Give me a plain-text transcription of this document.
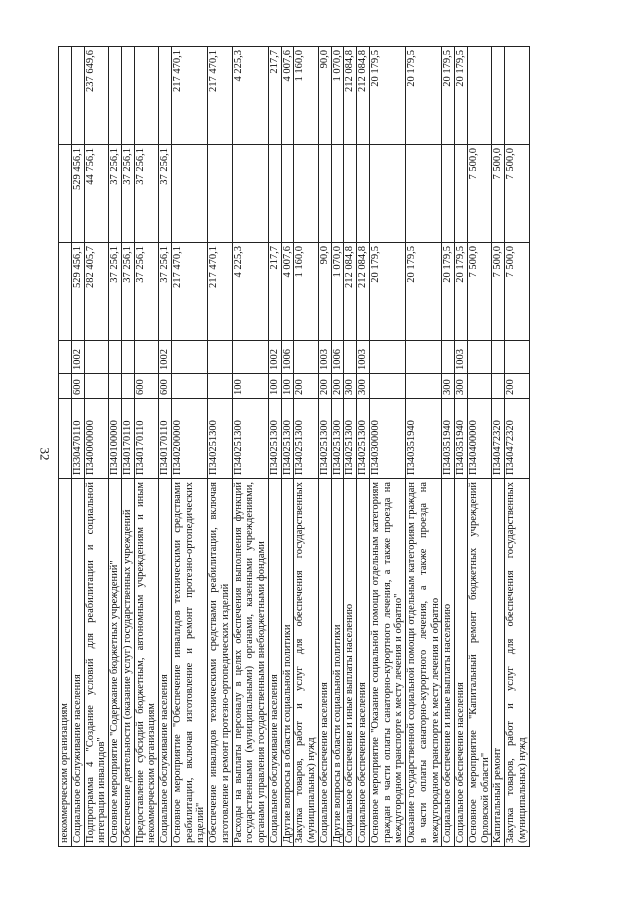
32
некоммерческим организациям						
Социальное обслуживание населения	П330470110	600	1002	529 456,1	529 456,1	
Подпрограмма 4 "Создание условий для реабилитации и социальной интеграции инвалидов"	П340000000			282 405,7	44 756,1	237 649,6
Основное мероприятие "Содержание бюджетных учреждений"	П340100000			37 256,1	37 256,1	
Обеспечение деятельности (оказание услуг) государственных учреждений	П340170110			37 256,1	37 256,1	
Предоставление субсидий бюджетным, автономным учреждениям и иным некоммерческим организациям	П340170110	600		37 256,1	37 256,1	
Социальное обслуживание населения	П340170110	600	1002	37 256,1	37 256,1	
Основное мероприятие "Обеспечение инвалидов техническими средствами реабилитации, включая изготовление и ремонт протезно-ортопедических изделий"	П340200000			217 470,1		217 470,1
Обеспечение инвалидов техническими средствами реабилитации, включая изготовление и ремонт протезно-ортопедических изделий	П340251300			217 470,1		217 470,1
Расходы на выплаты персоналу в целях обеспечения выполнения функций государственными (муниципальными) органами, казенными учреждениями, органами управления государственными внебюджетными фондами	П340251300	100		4 225,3		4 225,3
Социальное обслуживание населения	П340251300	100	1002	217,7		217,7
Другие вопросы в области социальной политики	П340251300	100	1006	4 007,6		4 007,6
Закупка товаров, работ и услуг для обеспечения государственных (муниципальных) нужд	П340251300	200		1 160,0		1 160,0
Социальное обеспечение населения	П340251300	200	1003	90,0		90,0
Другие вопросы в области социальной политики	П340251300	200	1006	1 070,0		1 070,0
Социальное обеспечение и иные выплаты населению	П340251300	300		212 084,8		212 084,8
Социальное обеспечение населения	П340251300	300	1003	212 084,8		212 084,8
Основное мероприятие "Оказание социальной помощи отдельным категориям граждан в части оплаты санаторно-курортного лечения, а также проезда на междугородном транспорте к месту лечения и обратно"	П340300000			20 179,5		20 179,5
Оказание государственной социальной помощи отдельным категориям граждан в части оплаты санаторно-курортного лечения, а также проезда на междугородном транспорте к месту лечения и обратно	П340351940			20 179,5		20 179,5
Социальное обеспечение и иные выплаты населению	П340351940	300		20 179,5		20 179,5
Социальное обеспечение населения	П340351940	300	1003	20 179,5		20 179,5
Основное мероприятие "Капитальный ремонт бюджетных учреждений Орловской области"	П340400000			7 500,0	7 500,0	
Капитальный ремонт	П340472320			7 500,0	7 500,0	
Закупка товаров, работ и услуг для обеспечения государственных (муниципальных) нужд	П340472320	200		7 500,0	7 500,0	
